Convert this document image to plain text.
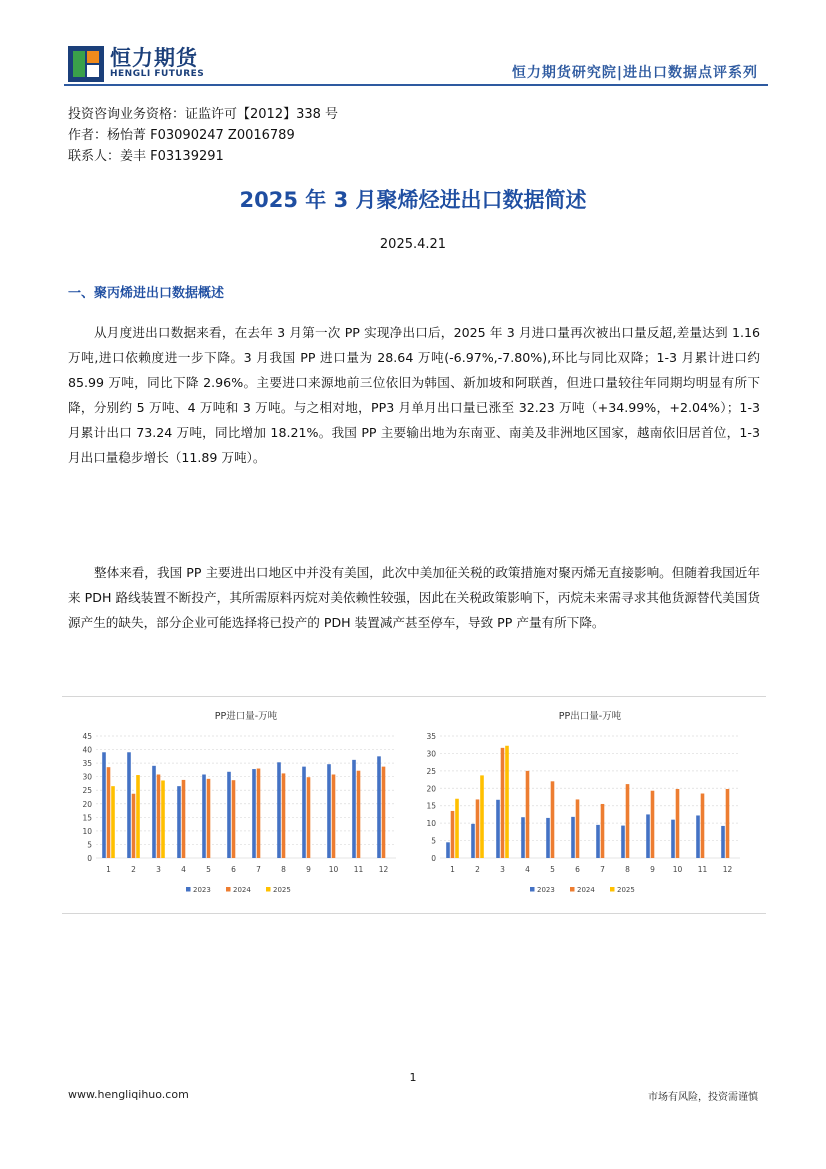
恒力期货
HENGLI FUTURES	恒力期货研究院|进出口数据点评系列
投资咨询业务资格：证监许可【2012】338 号
作者：杨怡菁 F03090247 Z0016789
联系人：姜丰 F03139291
2025 年 3 月聚烯烃进出口数据简述
2025.4.21
一、聚丙烯进出口数据概述

从月度进出口数据来看，在去年 3 月第一次 PP 实现净出口后，2025 年 3 月进口量再次被出口量反超,差量达到 1.16 万吨,进口依赖度进一步下降。3 月我国 PP 进口量为 28.64 万吨(-6.97%,-7.80%),环比与同比双降；1-3 月累计进口约 85.99 万吨，同比下降 2.96%。主要进口来源地前三位依旧为韩国、新加坡和阿联酋，但进口量较往年同期均明显有所下降，分别约 5 万吨、4 万吨和 3 万吨。与之相对地，PP3 月单月出口量已涨至 32.23 万吨（+34.99%，+2.04%）；1-3 月累计出口 73.24 万吨，同比增加 18.21%。我国 PP 主要输出地为东南亚、南美及非洲地区国家，越南依旧居首位，1-3 月出口量稳步增长（11.89 万吨）。

整体来看，我国 PP 主要进出口地区中并没有美国，此次中美加征关税的政策措施对聚丙烯无直接影响。但随着我国近年来 PDH 路线装置不断投产，其所需原料丙烷对美依赖性较强，因此在关税政策影响下，丙烷未来需寻求其他货源替代美国货源产生的缺失，部分企业可能选择将已投产的 PDH 装置减产甚至停车，导致 PP 产量有所下降。

PP进口量-万吨
0
5
10
15
20
25
30
35
40
45
1	2	3	4	5	6	7	8	9 10 11 12
2023	2024	2025
PP出口量-万吨
0
5
10
15
20
25
30
35
1	2	3	4	5	6	7	8	9 10 11 12
2023	2024	2025
1
www.hengliqihuo.com	市场有风险，投资需谨慎
